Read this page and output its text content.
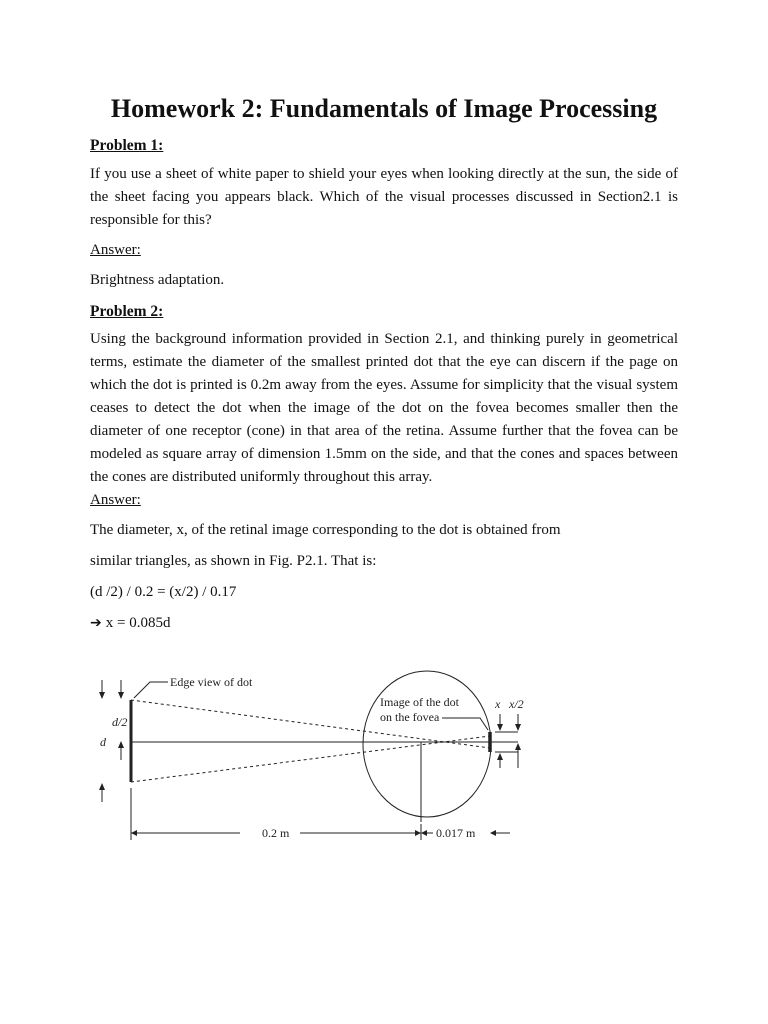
Homework 2: Fundamentals of Image Processing
Problem 1:
If you use a sheet of white paper to shield your eyes when looking directly at the sun, the side of the sheet facing you appears black. Which of the visual processes discussed in Section2.1 is responsible for this?
Answer:
Brightness adaptation.
Problem 2:
Using the background information provided in Section 2.1, and thinking purely in geometrical terms, estimate the diameter of the smallest printed dot that the eye can discern if the page on which the dot is printed is 0.2m away from the eyes. Assume for simplicity that the visual system ceases to detect the dot when the image of the dot on the fovea becomes smaller then the diameter of one receptor (cone) in that area of the retina. Assume further that the fovea can be modeled as square array of dimension 1.5mm on the side, and that the cones and spaces between the cones are distributed uniformly throughout this array.
Answer:
The diameter, x, of the retinal image corresponding to the dot is obtained from
similar triangles, as shown in Fig. P2.1. That is:
(d /2) / 0.2 = (x/2) / 0.17
➔ x = 0.085d
Edge view of dot
Image of the dot
on the fovea
d/2
d
x x/2
0.2 m	0.017 m
